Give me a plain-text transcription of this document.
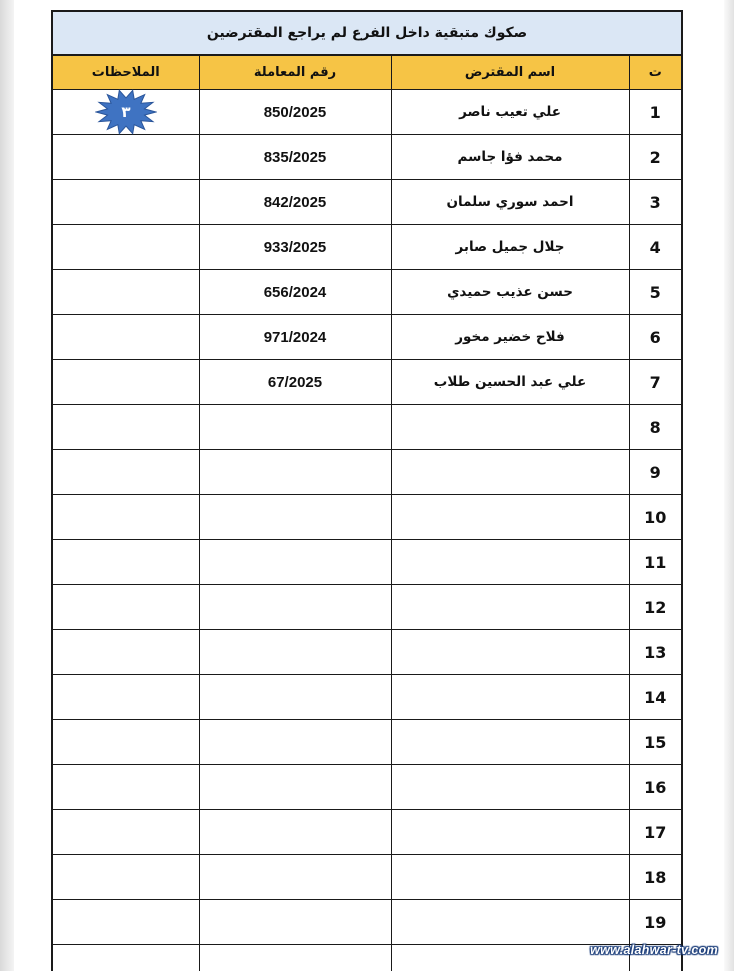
صكوك متبقية داخل الفرع لم يراجع المقترضين
ت	اسم المقترض	رقم المعاملة	الملاحظات
1	علي تعيب ناصر	850/2025	٣

2	محمد فؤا جاسم	835/2025	
3	احمد سوري سلمان	842/2025	
4	جلال جميل صابر	933/2025	
5	حسن عذيب حميدي	656/2024	
6	فلاح خضير مخور	971/2024	
7	علي عبد الحسين طلاب	67/2025	
8			
9			
10			
11			
12			
13			
14			
15			
16			
17			
18			
19			

www.alahwar-tv.com
